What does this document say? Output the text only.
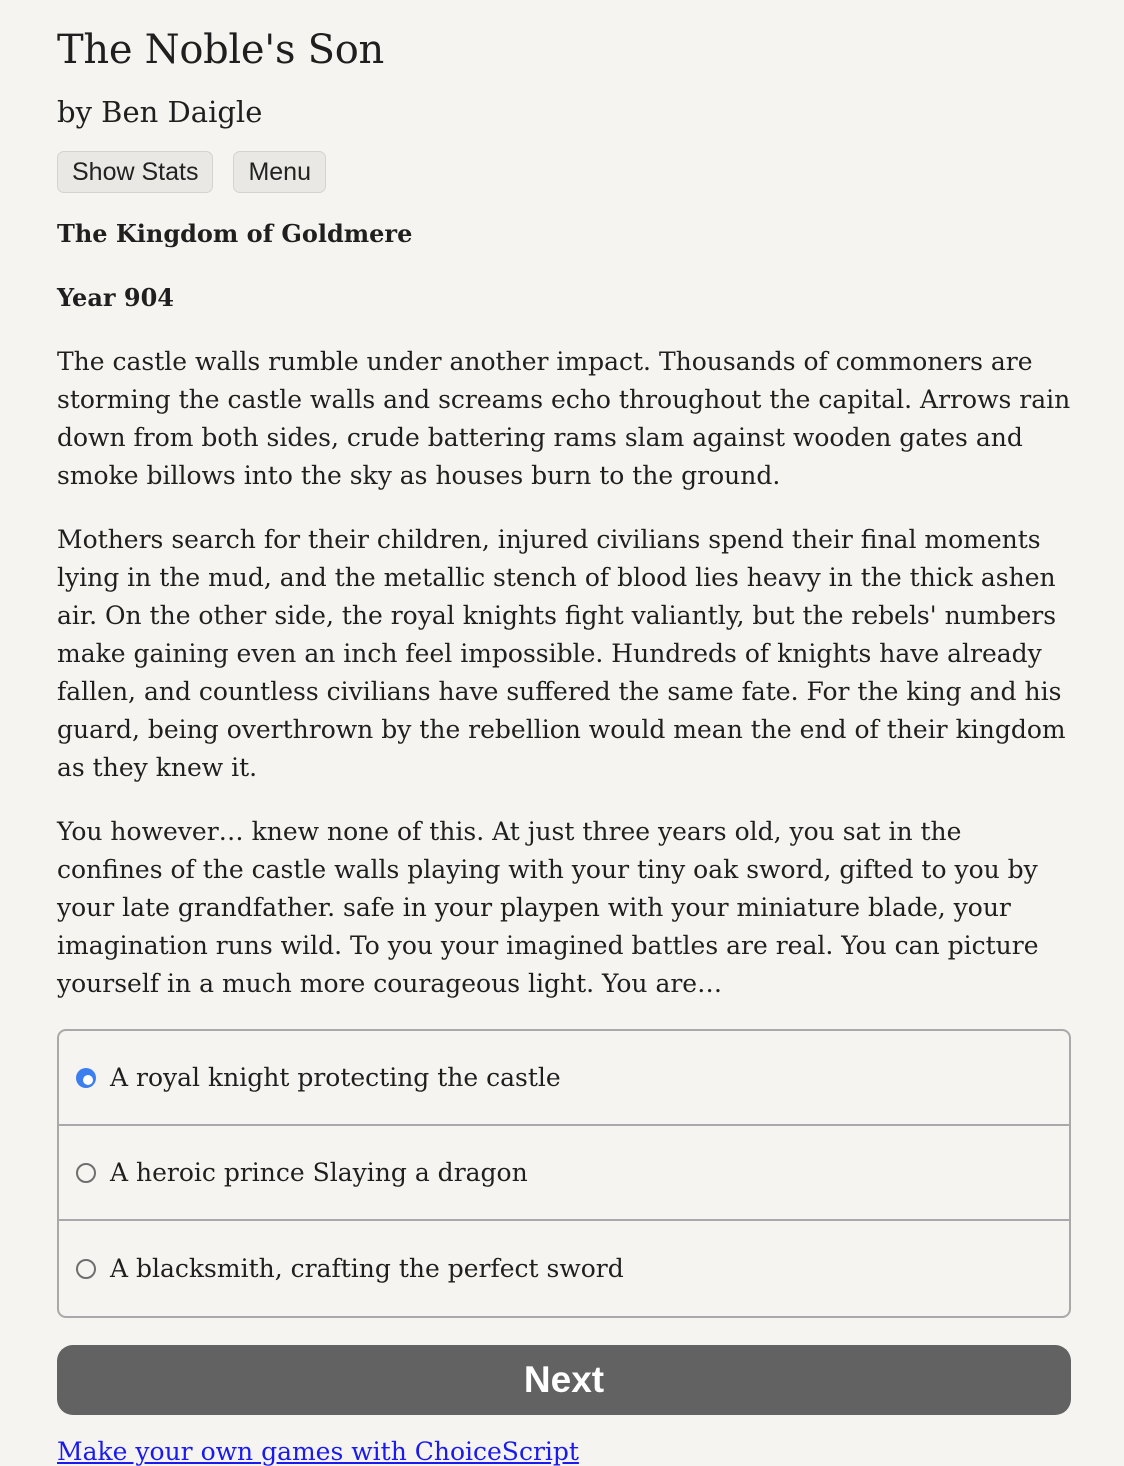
The Noble's Son
by Ben Daigle
Show Stats	Menu
The Kingdom of Goldmere
Year 904

The castle walls rumble under another impact. Thousands of commoners are storming the castle walls and screams echo throughout the capital. Arrows rain down from both sides, crude battering rams slam against wooden gates and smoke billows into the sky as houses burn to the ground.

Mothers search for their children, injured civilians spend their final moments lying in the mud, and the metallic stench of blood lies heavy in the thick ashen air. On the other side, the royal knights fight valiantly, but the rebels' numbers make gaining even an inch feel impossible. Hundreds of knights have already fallen, and countless civilians have suffered the same fate. For the king and his guard, being overthrown by the rebellion would mean the end of their kingdom as they knew it.

You however… knew none of this. At just three years old, you sat in the confines of the castle walls playing with your tiny oak sword, gifted to you by your late grandfather. safe in your playpen with your miniature blade, your imagination runs wild. To you your imagined battles are real. You can picture yourself in a much more courageous light. You are…

A royal knight protecting the castle
A heroic prince Slaying a dragon
A blacksmith, crafting the perfect sword
Next
Make your own games with ChoiceScript
